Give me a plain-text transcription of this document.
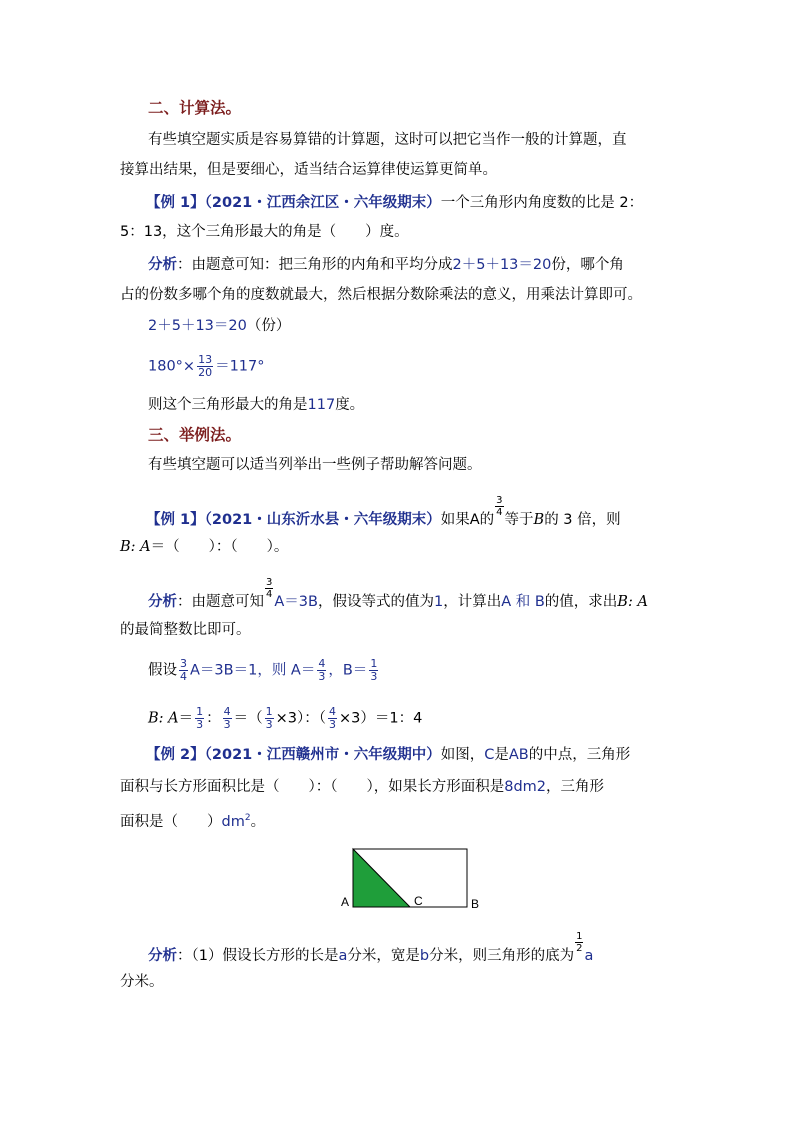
二、计算法。
有些填空题实质是容易算错的计算题，这时可以把它当作一般的计算题，直
接算出结果，但是要细心，适当结合运算律使运算更简单。
【例 1】（2021・江西余江区・六年级期末）一个三角形内角度数的比是 2：
5：13，这个三角形最大的角是（　　）度。
分析：由题意可知：把三角形的内角和平均分成2＋5＋13＝20份，哪个角
占的份数多哪个角的度数就最大，然后根据分数除乘法的意义，用乘法计算即可。
2＋5＋13＝20（份）
$180^\circ\times \frac{13}{20} =117^\circ$
则这个三角形最大的角是117度。
三、举例法。
有些填空题可以适当列举出一些例子帮助解答问题。
【例 1】（2021・山东沂水县・六年级期末）如果A的
$\frac{3}{4}$
等于B的 3 倍，则
B: A＝（　　）：（　　）。
分析：由题意可知
$\frac{3}{4}$
A＝3B，假设等式的值为1，计算出A 和 B的值，求出B: A
的最简整数比即可。
假设 $\frac{3}{4} A=3B=1$，则 $A= \frac{4}{3}$ ，$B= \frac{1}{3}$
B: $A= \frac{1}{3}$ ： $\frac{4}{3}$ ＝（ $\frac{1}{3} \times 3$）：（ $\frac{4}{3} \times 3)=1$：4
【例 2】（2021・江西赣州市・六年级期中）如图，C是AB的中点，三角形
面积与长方形面积比是（　　）：（　　），如果长方形面积是8dm2，三角形
面积是（　　）$dm^2$。
A	C	B
分析：（1）假设长方形的长是a分米，宽是b分米，则三角形的底为
$\frac{1}{2}$
a
分米。
